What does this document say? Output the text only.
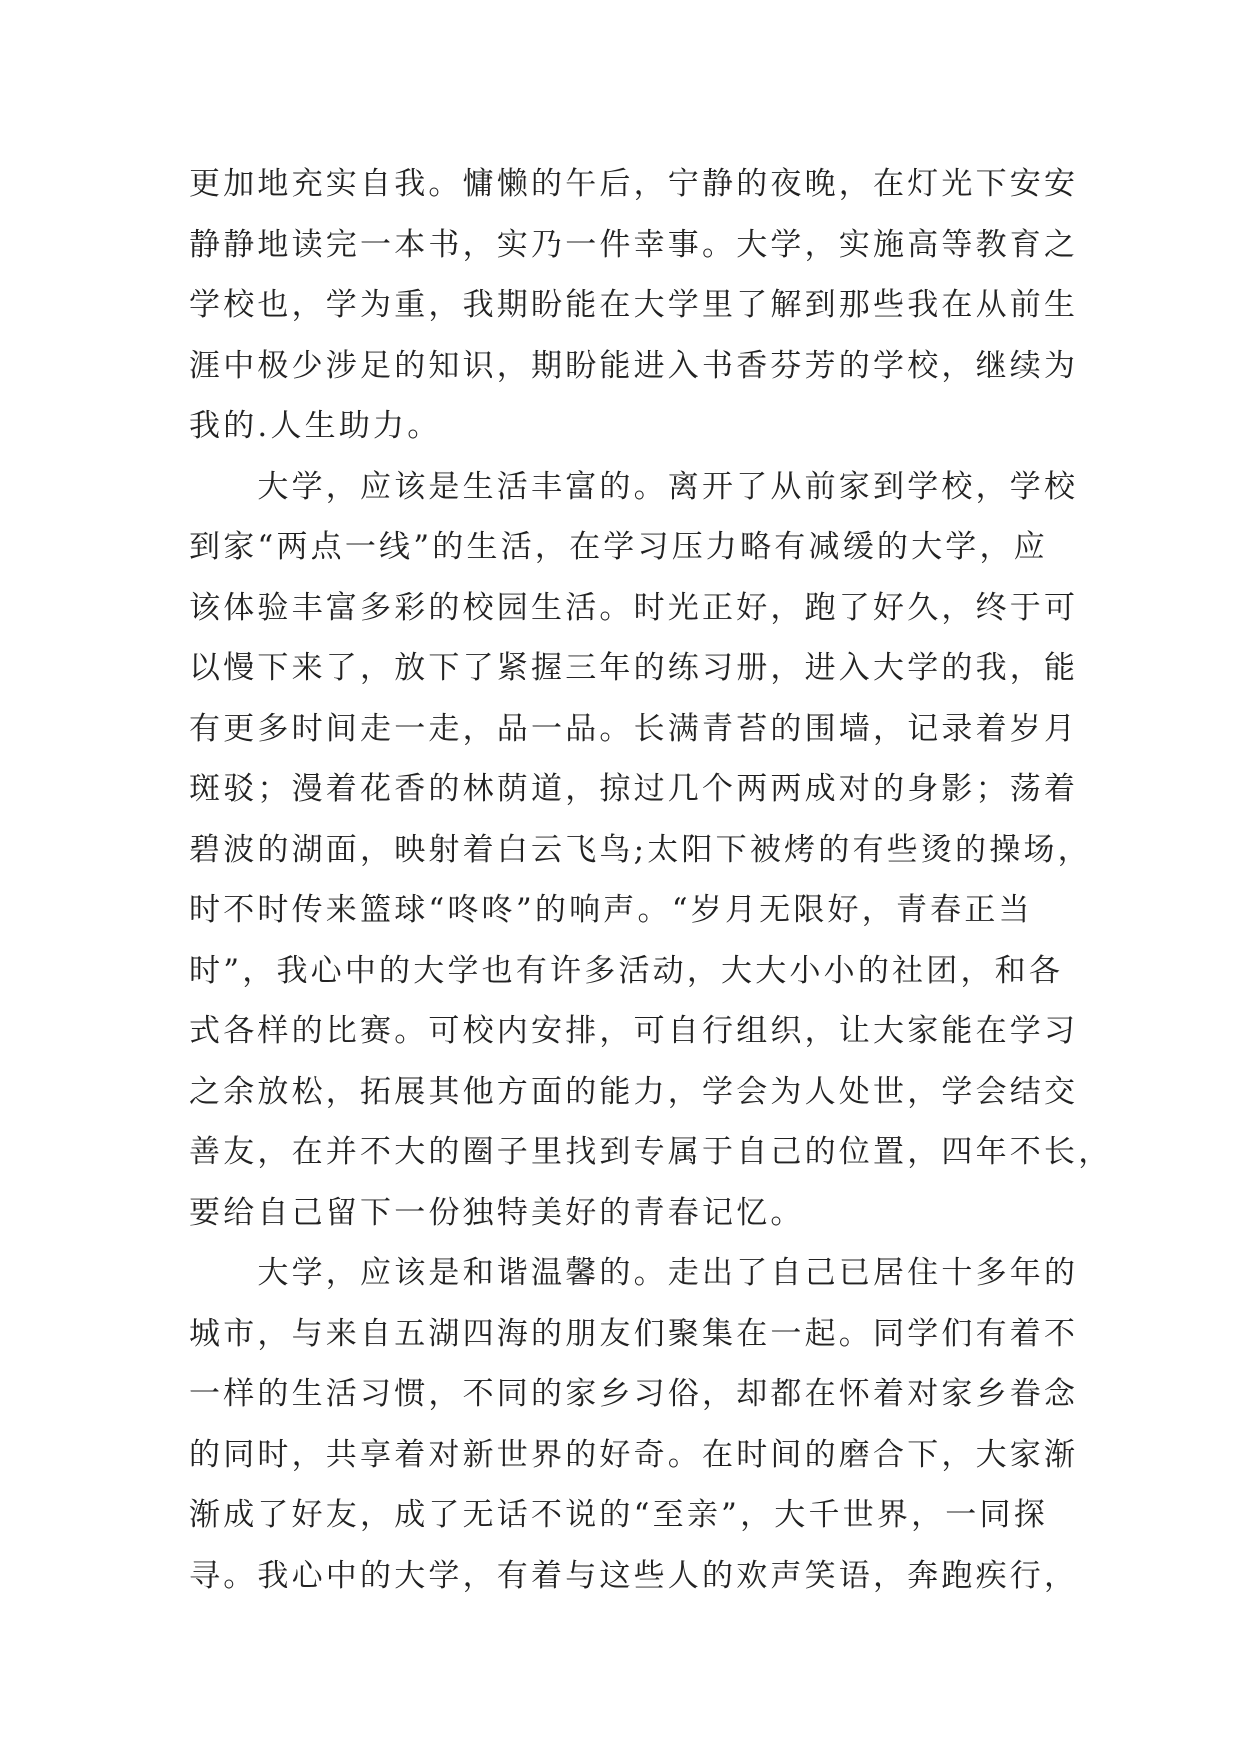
更加地充实自我。慵懒的午后，宁静的夜晚，在灯光下安安
静静地读完一本书，实乃一件幸事。大学，实施高等教育之
学校也，学为重，我期盼能在大学里了解到那些我在从前生
涯中极少涉足的知识，期盼能进入书香芬芳的学校，继续为
我的.人生助力。
　　大学，应该是生活丰富的。离开了从前家到学校，学校
到家“两点一线”的生活，在学习压力略有减缓的大学，应
该体验丰富多彩的校园生活。时光正好，跑了好久，终于可
以慢下来了，放下了紧握三年的练习册，进入大学的我，能
有更多时间走一走，品一品。长满青苔的围墙，记录着岁月
斑驳；漫着花香的林荫道，掠过几个两两成对的身影；荡着
碧波的湖面，映射着白云飞鸟;太阳下被烤的有些烫的操场，
时不时传来篮球“咚咚”的响声。“岁月无限好，青春正当
时”，我心中的大学也有许多活动，大大小小的社团，和各
式各样的比赛。可校内安排，可自行组织，让大家能在学习
之余放松，拓展其他方面的能力，学会为人处世，学会结交
善友，在并不大的圈子里找到专属于自己的位置，四年不长，
要给自己留下一份独特美好的青春记忆。
　　大学，应该是和谐温馨的。走出了自己已居住十多年的
城市，与来自五湖四海的朋友们聚集在一起。同学们有着不
一样的生活习惯，不同的家乡习俗，却都在怀着对家乡眷念
的同时，共享着对新世界的好奇。在时间的磨合下，大家渐
渐成了好友，成了无话不说的“至亲”，大千世界，一同探
寻。我心中的大学，有着与这些人的欢声笑语，奔跑疾行，
